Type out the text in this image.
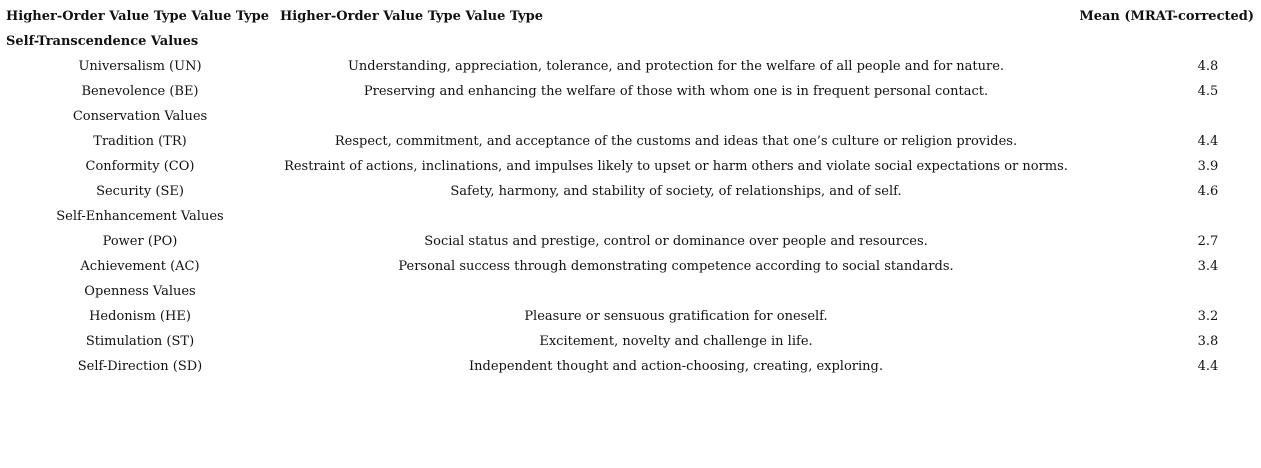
Higher-Order Value Type Value Type	Higher-Order Value Type Value Type	Mean (MRAT-corrected)
Self-Transcendence Values		
Universalism (UN)	Understanding, appreciation, tolerance, and protection for the welfare of all people and for nature.	4.8
Benevolence (BE)	Preserving and enhancing the welfare of those with whom one is in frequent personal contact.	4.5
Conservation Values		
Tradition (TR)	Respect, commitment, and acceptance of the customs and ideas that one’s culture or religion provides.	4.4
Conformity (CO)	Restraint of actions, inclinations, and impulses likely to upset or harm others and violate social expectations or norms.	3.9
Security (SE)	Safety, harmony, and stability of society, of relationships, and of self.	4.6
Self-Enhancement Values		
Power (PO)	Social status and prestige, control or dominance over people and resources.	2.7
Achievement (AC)	Personal success through demonstrating competence according to social standards.	3.4
Openness Values		
Hedonism (HE)	Pleasure or sensuous gratification for oneself.	3.2
Stimulation (ST)	Excitement, novelty and challenge in life.	3.8
Self-Direction (SD)	Independent thought and action-choosing, creating, exploring.	4.4
